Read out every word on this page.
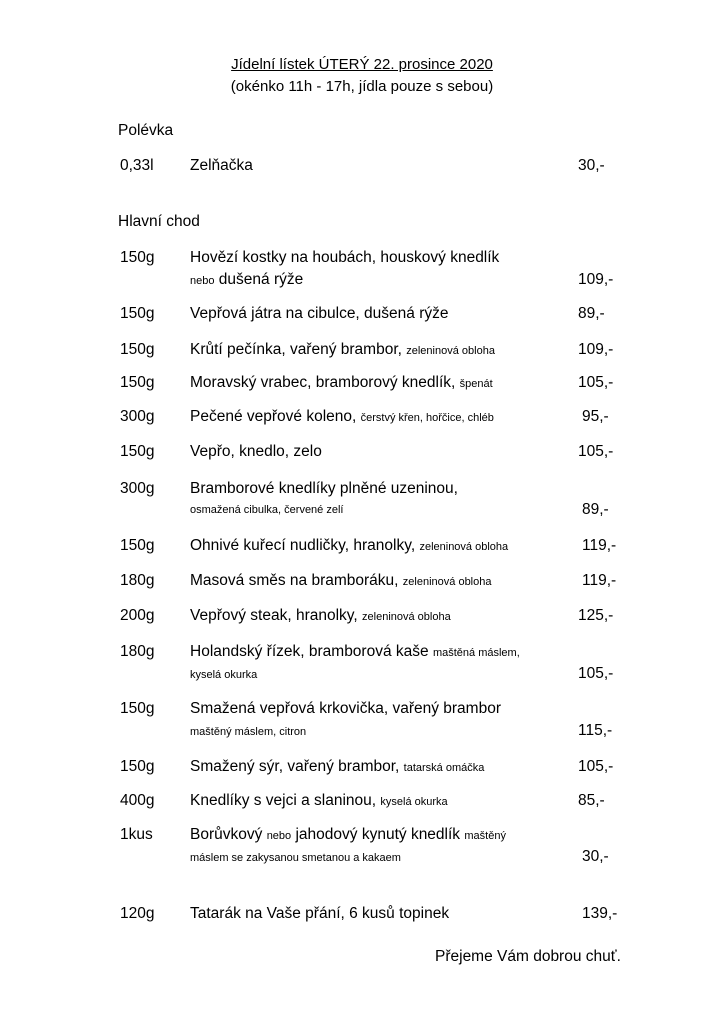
Jídelní lístek ÚTERÝ 22. prosince 2020
(okénko 11h - 17h, jídla pouze s sebou)
Polévka
0,33l Zelňačka	30,-
Hlavní chod
150g Hovězí kostky na houbách, houskový knedlík
nebo dušená rýže	109,-
150g Vepřová játra na cibulce, dušená rýže	89,-
150g Krůtí pečínka, vařený brambor, zeleninová obloha	109,-
150g Moravský vrabec, bramborový knedlík, špenát	105,-
300g Pečené vepřové koleno, čerstvý křen, hořčice, chléb	95,-
150g Vepřo, knedlo, zelo	105,-
300g Bramborové knedlíky plněné uzeninou,
osmažená cibulka, červené zelí	89,-
150g Ohnivé kuřecí nudličky, hranolky, zeleninová obloha	119,-
180g Masová směs na bramboráku, zeleninová obloha	119,-
200g Vepřový steak, hranolky, zeleninová obloha	125,-
180g Holandský řízek, bramborová kaše maštěná máslem,
kyselá okurka	105,-
150g Smažená vepřová krkovička, vařený brambor
maštěný máslem, citron	115,-
150g Smažený sýr, vařený brambor, tatarská omáčka	105,-
400g Knedlíky s vejci a slaninou, kyselá okurka	85,-
1kus Borůvkový nebo jahodový kynutý knedlík maštěný
máslem se zakysanou smetanou a kakaem	30,-
120g Tatarák na Vaše přání, 6 kusů topinek	139,-
Přejeme Vám dobrou chuť.
